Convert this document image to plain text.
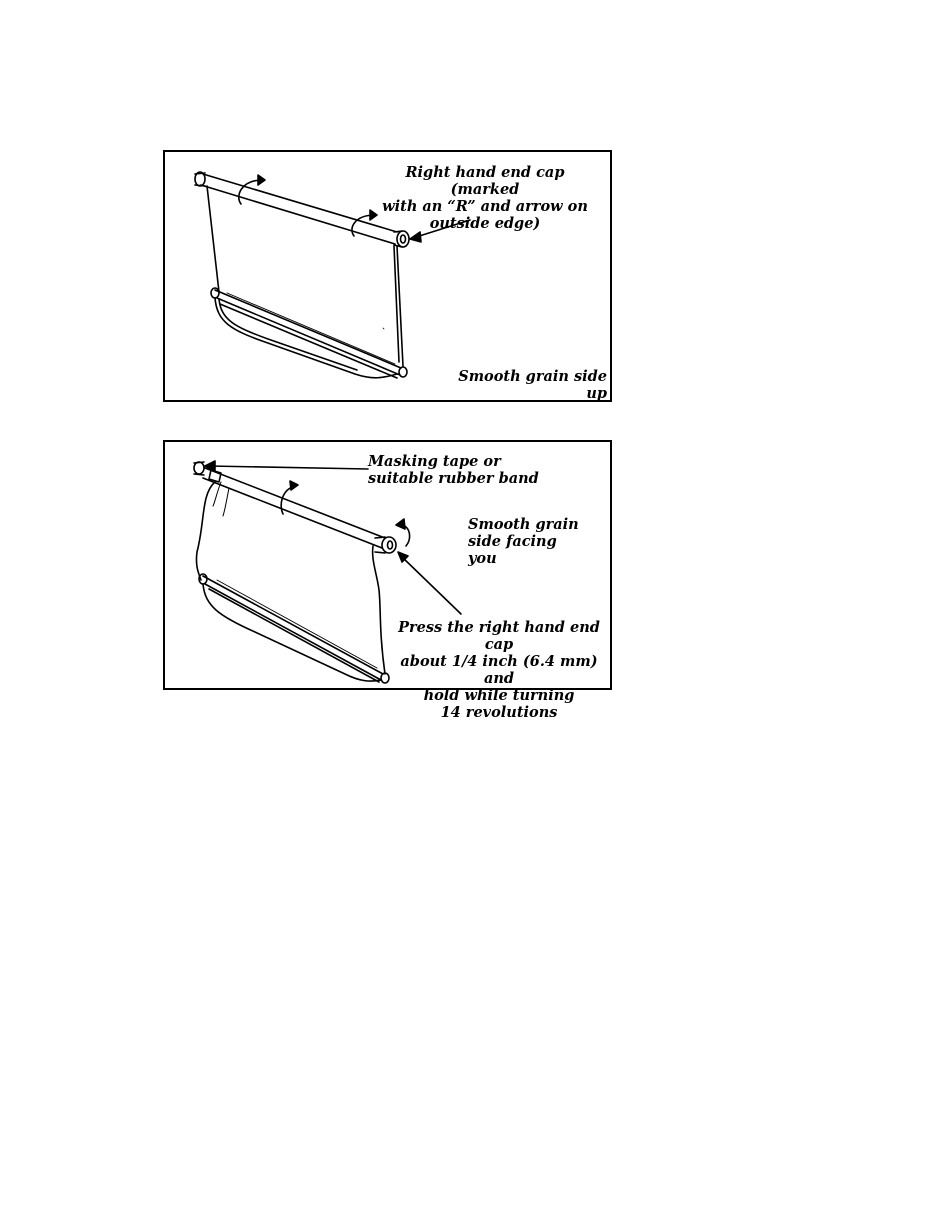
Right hand end cap (marked
with an “R” and arrow on
outside edge)
Smooth grain side up
Masking tape or
suitable rubber band
Smooth grain
side facing
you
Press the right hand end cap
about 1/4 inch (6.4 mm) and
hold while turning
14 revolutions
